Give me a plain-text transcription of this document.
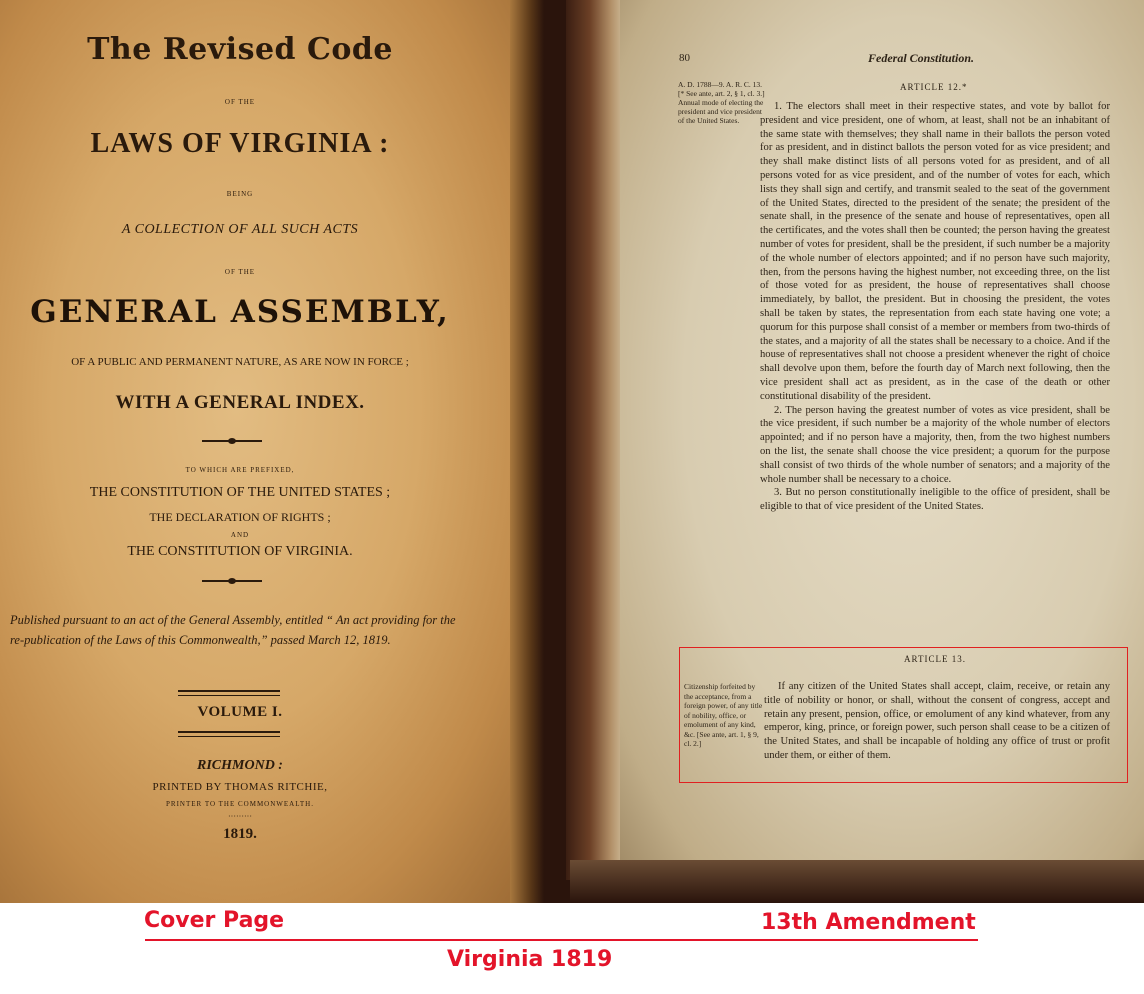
The Revised Code
OF THE
LAWS OF VIRGINIA :
BEING
A COLLECTION OF ALL SUCH ACTS
OF THE
GENERAL ASSEMBLY,
OF A PUBLIC AND PERMANENT NATURE, AS ARE NOW IN FORCE ;
WITH A GENERAL INDEX.
TO WHICH ARE PREFIXED,
THE CONSTITUTION OF THE UNITED STATES ;
THE DECLARATION OF RIGHTS ;
AND
THE CONSTITUTION OF VIRGINIA.
Published pursuant to an act of the General Assembly, entitled “ An act providing for the re-publication of the Laws of this Commonwealth,” passed March 12, 1819.
VOLUME I.
RICHMOND :
PRINTED BY THOMAS RITCHIE,
PRINTER TO THE COMMONWEALTH.
·········
1819.
80	Federal Constitution.
ARTICLE 12.*
A. D. 1788—9. A. R. C. 13. [* See ante, art. 2, § 1, cl. 3.] Annual mode of electing the president and vice president of the United States.

1. The electors shall meet in their respective states, and vote by ballot for president and vice president, one of whom, at least, shall not be an inhabitant of the same state with themselves; they shall name in their ballots the person voted for as president, and in distinct ballots the person voted for as vice president; and they shall make distinct lists of all persons voted for as president, and of all persons voted for as vice president, and of the number of votes for each, which lists they shall sign and certify, and transmit sealed to the seat of the government of the United States, directed to the president of the senate; the president of the senate shall, in the presence of the senate and house of representatives, open all the certificates, and the votes shall then be counted; the person having the greatest number of votes for president, shall be the president, if such number be a majority of the whole number of electors appointed; and if no person have such majority, then, from the persons having the highest number, not exceeding three, on the list of those voted for as president, the house of representatives shall choose immediately, by ballot, the president. But in choosing the president, the votes shall be taken by states, the representation from each state having one vote; a quorum for this purpose shall consist of a member or members from two-thirds of the states, and a majority of all the states shall be necessary to a choice. And if the house of representatives shall not choose a president whenever the right of choice shall devolve upon them, before the fourth day of March next following, then the vice president shall act as president, as in the case of the death or other constitutional disability of the president.

2. The person having the greatest number of votes as vice president, shall be the vice president, if such number be a majority of the whole number of electors appointed; and if no person have a majority, then, from the two highest numbers on the list, the senate shall choose the vice president; a quorum for the purpose shall consist of two thirds of the whole number of senators; and a majority of the whole number shall be necessary to a choice.

3. But no person constitutionally ineligible to the office of president, shall be eligible to that of vice president of the United States.

ARTICLE 13.
Citizenship forfeited by the acceptance, from a foreign power, of any title of nobility, office, or emolument of any kind, &c. [See ante, art. 1, § 9, cl. 2.]
If any citizen of the United States shall accept, claim, receive, or retain any title of nobility or honor, or shall, without the consent of congress, accept and retain any present, pension, office, or emolument of any kind whatever, from any emperor, king, prince, or foreign power, such person shall cease to be a citizen of the United States, and shall be incapable of holding any office of trust or profit under them, or either of them.
Cover Page	13th Amendment
Virginia 1819
